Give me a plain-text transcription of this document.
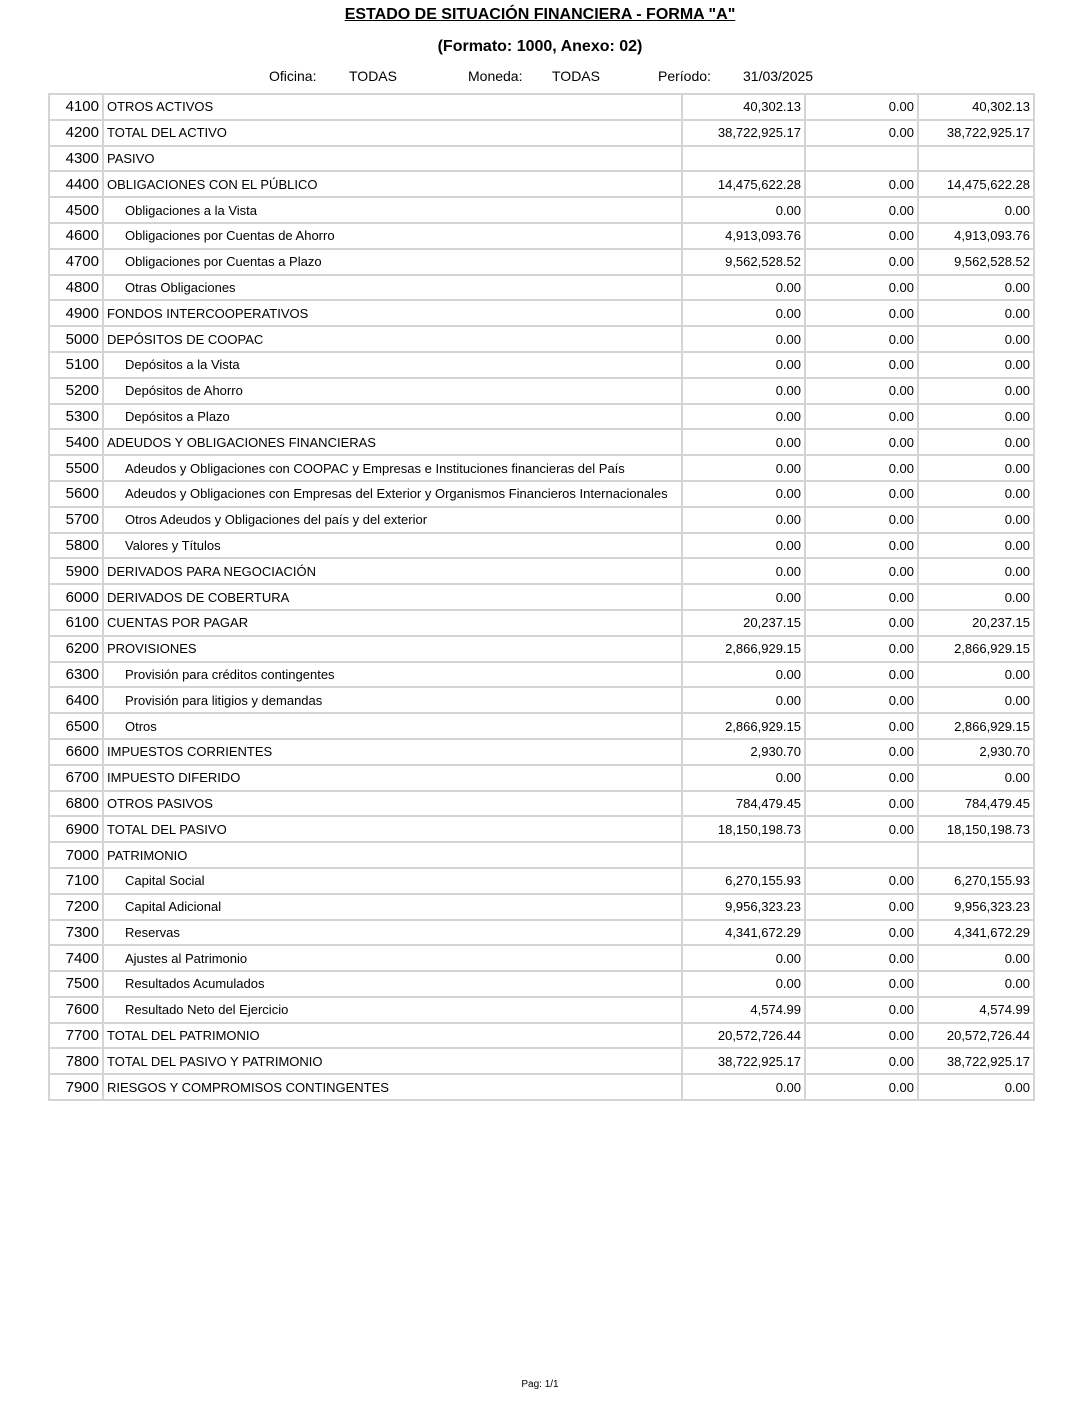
ESTADO DE SITUACIÓN FINANCIERA - FORMA "A"
(Formato: 1000, Anexo: 02)
Oficina: TODAS	Moneda: TODAS	Período: 31/03/2025
4100	OTROS ACTIVOS	40,302.13	0.00	40,302.13
4200	TOTAL DEL ACTIVO	38,722,925.17	0.00	38,722,925.17
4300	PASIVO			
4400	OBLIGACIONES CON EL PÚBLICO	14,475,622.28	0.00	14,475,622.28
4500	Obligaciones a la Vista	0.00	0.00	0.00
4600	Obligaciones por Cuentas de Ahorro	4,913,093.76	0.00	4,913,093.76
4700	Obligaciones por Cuentas a Plazo	9,562,528.52	0.00	9,562,528.52
4800	Otras Obligaciones	0.00	0.00	0.00
4900	FONDOS INTERCOOPERATIVOS	0.00	0.00	0.00
5000	DEPÓSITOS DE COOPAC	0.00	0.00	0.00
5100	Depósitos a la Vista	0.00	0.00	0.00
5200	Depósitos de Ahorro	0.00	0.00	0.00
5300	Depósitos a Plazo	0.00	0.00	0.00
5400	ADEUDOS Y OBLIGACIONES FINANCIERAS	0.00	0.00	0.00
5500	Adeudos y Obligaciones con COOPAC y Empresas e Instituciones financieras del País	0.00	0.00	0.00
5600	Adeudos y Obligaciones con Empresas del Exterior y Organismos Financieros Internacionales	0.00	0.00	0.00
5700	Otros Adeudos y Obligaciones del país y del exterior	0.00	0.00	0.00
5800	Valores y Títulos	0.00	0.00	0.00
5900	DERIVADOS PARA NEGOCIACIÓN	0.00	0.00	0.00
6000	DERIVADOS DE COBERTURA	0.00	0.00	0.00
6100	CUENTAS POR PAGAR	20,237.15	0.00	20,237.15
6200	PROVISIONES	2,866,929.15	0.00	2,866,929.15
6300	Provisión para créditos contingentes	0.00	0.00	0.00
6400	Provisión para litigios y demandas	0.00	0.00	0.00
6500	Otros	2,866,929.15	0.00	2,866,929.15
6600	IMPUESTOS CORRIENTES	2,930.70	0.00	2,930.70
6700	IMPUESTO DIFERIDO	0.00	0.00	0.00
6800	OTROS PASIVOS	784,479.45	0.00	784,479.45
6900	TOTAL DEL PASIVO	18,150,198.73	0.00	18,150,198.73
7000	PATRIMONIO			
7100	Capital Social	6,270,155.93	0.00	6,270,155.93
7200	Capital Adicional	9,956,323.23	0.00	9,956,323.23
7300	Reservas	4,341,672.29	0.00	4,341,672.29
7400	Ajustes al Patrimonio	0.00	0.00	0.00
7500	Resultados Acumulados	0.00	0.00	0.00
7600	Resultado Neto del Ejercicio	4,574.99	0.00	4,574.99
7700	TOTAL DEL PATRIMONIO	20,572,726.44	0.00	20,572,726.44
7800	TOTAL DEL PASIVO Y PATRIMONIO	38,722,925.17	0.00	38,722,925.17
7900	RIESGOS Y COMPROMISOS CONTINGENTES	0.00	0.00	0.00
Pag: 1/1
